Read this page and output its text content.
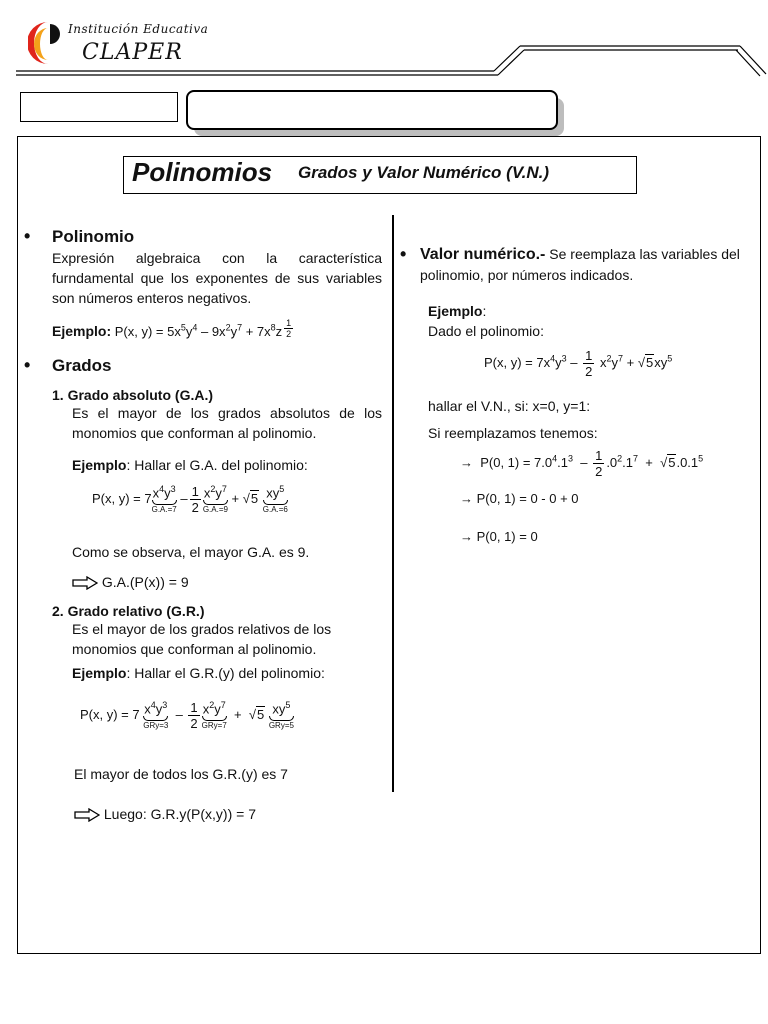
Institución Educativa
CLAPER
Polinomios Grados y Valor Numérico (V.N.)
• Polinomio
Expresión algebraica con la característica furndamental que los exponentes de sus variables son números enteros negativos.
Ejemplo: P(x, $y) = 5x^5y^4 - 9x^2y^7 + 7x^8z \frac{1}{2}$
• Grados
1. Grado absoluto (G.A.)
Es el mayor de los grados absolutos de los monomios que conforman al polinomio.
Ejemplo: Hallar el G.A. del polinomio:
P(x, y) = 7 $x^4y^3$
G.A.=7
– $\frac{1}{2} x^2y^7$
G.A.=9
+ √5 $xy^5$
G.A.=6
Como se observa, el mayor G.A. es 9.
G.A.(P(x)) = 9
2. Grado relativo (G.R.)
Es el mayor de los grados relativos de los monomios que conforman al polinomio.
Ejemplo: Hallar el G.R.(y) del polinomio:
P(x, y) = 7 $x^4y^3$
GRy=3
– $\frac{1}{2} x^2y^7$
GRy=7
+  √5 $xy^5$
GRy=5
El mayor de todos los G.R.(y) es 7
Luego: G.R.y(P(x,y)) = 7
• Valor numérico.- Se reemplaza las variables del
polinomio, por números indicados.
Ejemplo:
Dado el polinomio:
P(x, $y) = 7x^4y^3 - \frac{1}{2} x^2y^7 + √5xy^5$
hallar el V.N., si: x=0, y=1:
Si reemplazamos tenemos:
→  P(0, $1) = 7.0^4.1^3 - \frac{1}{2} .0^2.1^7 + √5.0.1^5$
→ P(0, 1) = 0 - 0 + 0
→ P(0, 1) = 0
